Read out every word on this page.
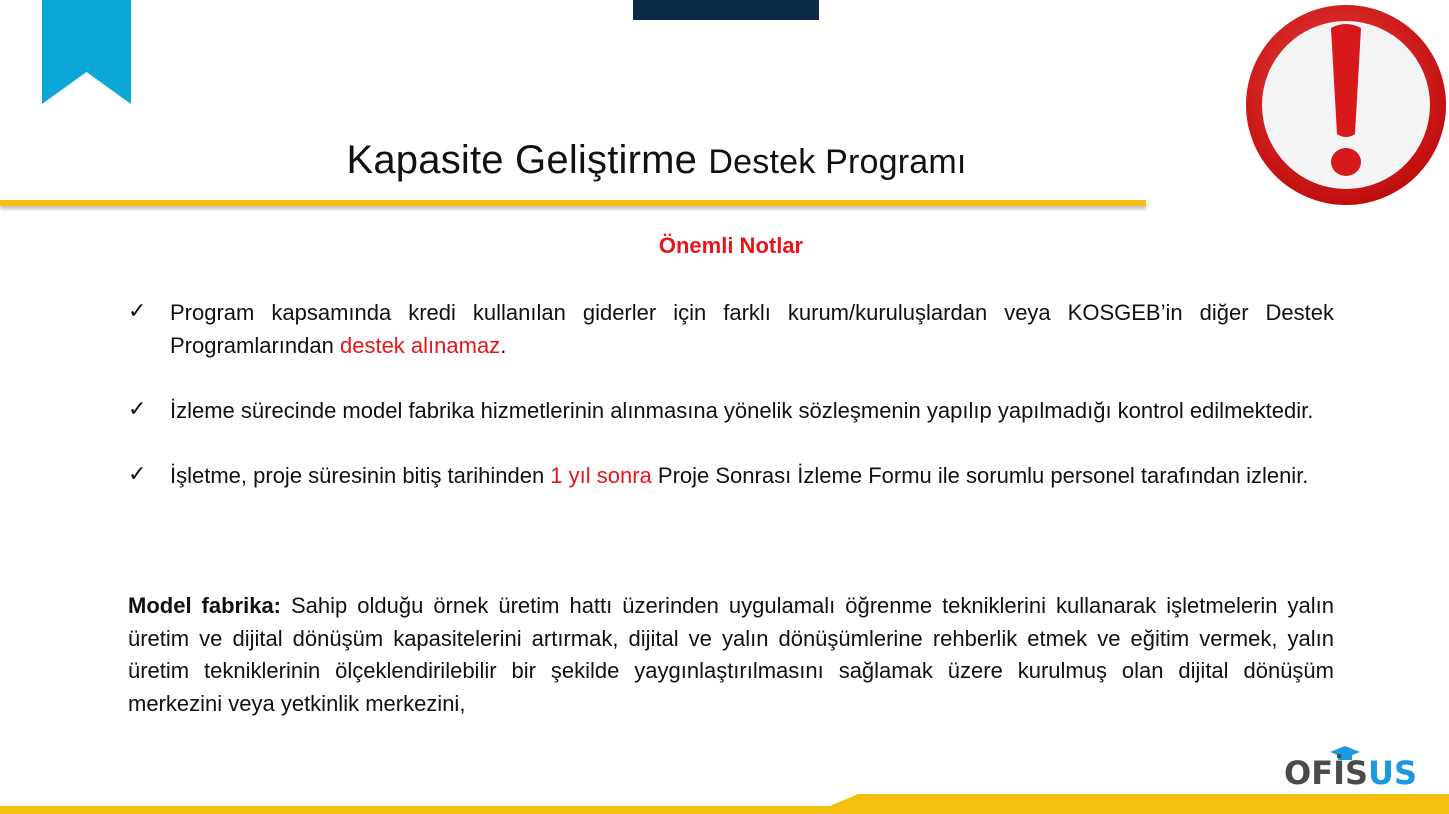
Kapasite Geliştirme Destek Programı
Önemli Notlar
✓ Program kapsamında kredi kullanılan giderler için farklı kurum/kuruluşlardan veya KOSGEB’in diğer Destek Programlarından destek alınamaz.
✓ İzleme sürecinde model fabrika hizmetlerinin alınmasına yönelik sözleşmenin yapılıp yapılmadığı kontrol edilmektedir.
✓ İşletme, proje süresinin bitiş tarihinden 1 yıl sonra Proje Sonrası İzleme Formu ile sorumlu personel tarafından izlenir.

Model fabrika: Sahip olduğu örnek üretim hattı üzerinden uygulamalı öğrenme tekniklerini kullanarak işletmelerin yalın üretim ve dijital dönüşüm kapasitelerini artırmak, dijital ve yalın dönüşümlerine rehberlik etmek ve eğitim vermek, yalın üretim tekniklerinin ölçeklendirilebilir bir şekilde yaygınlaştırılmasını sağlamak üzere kurulmuş olan dijital dönüşüm merkezini veya yetkinlik merkezini,

OFİSUS
